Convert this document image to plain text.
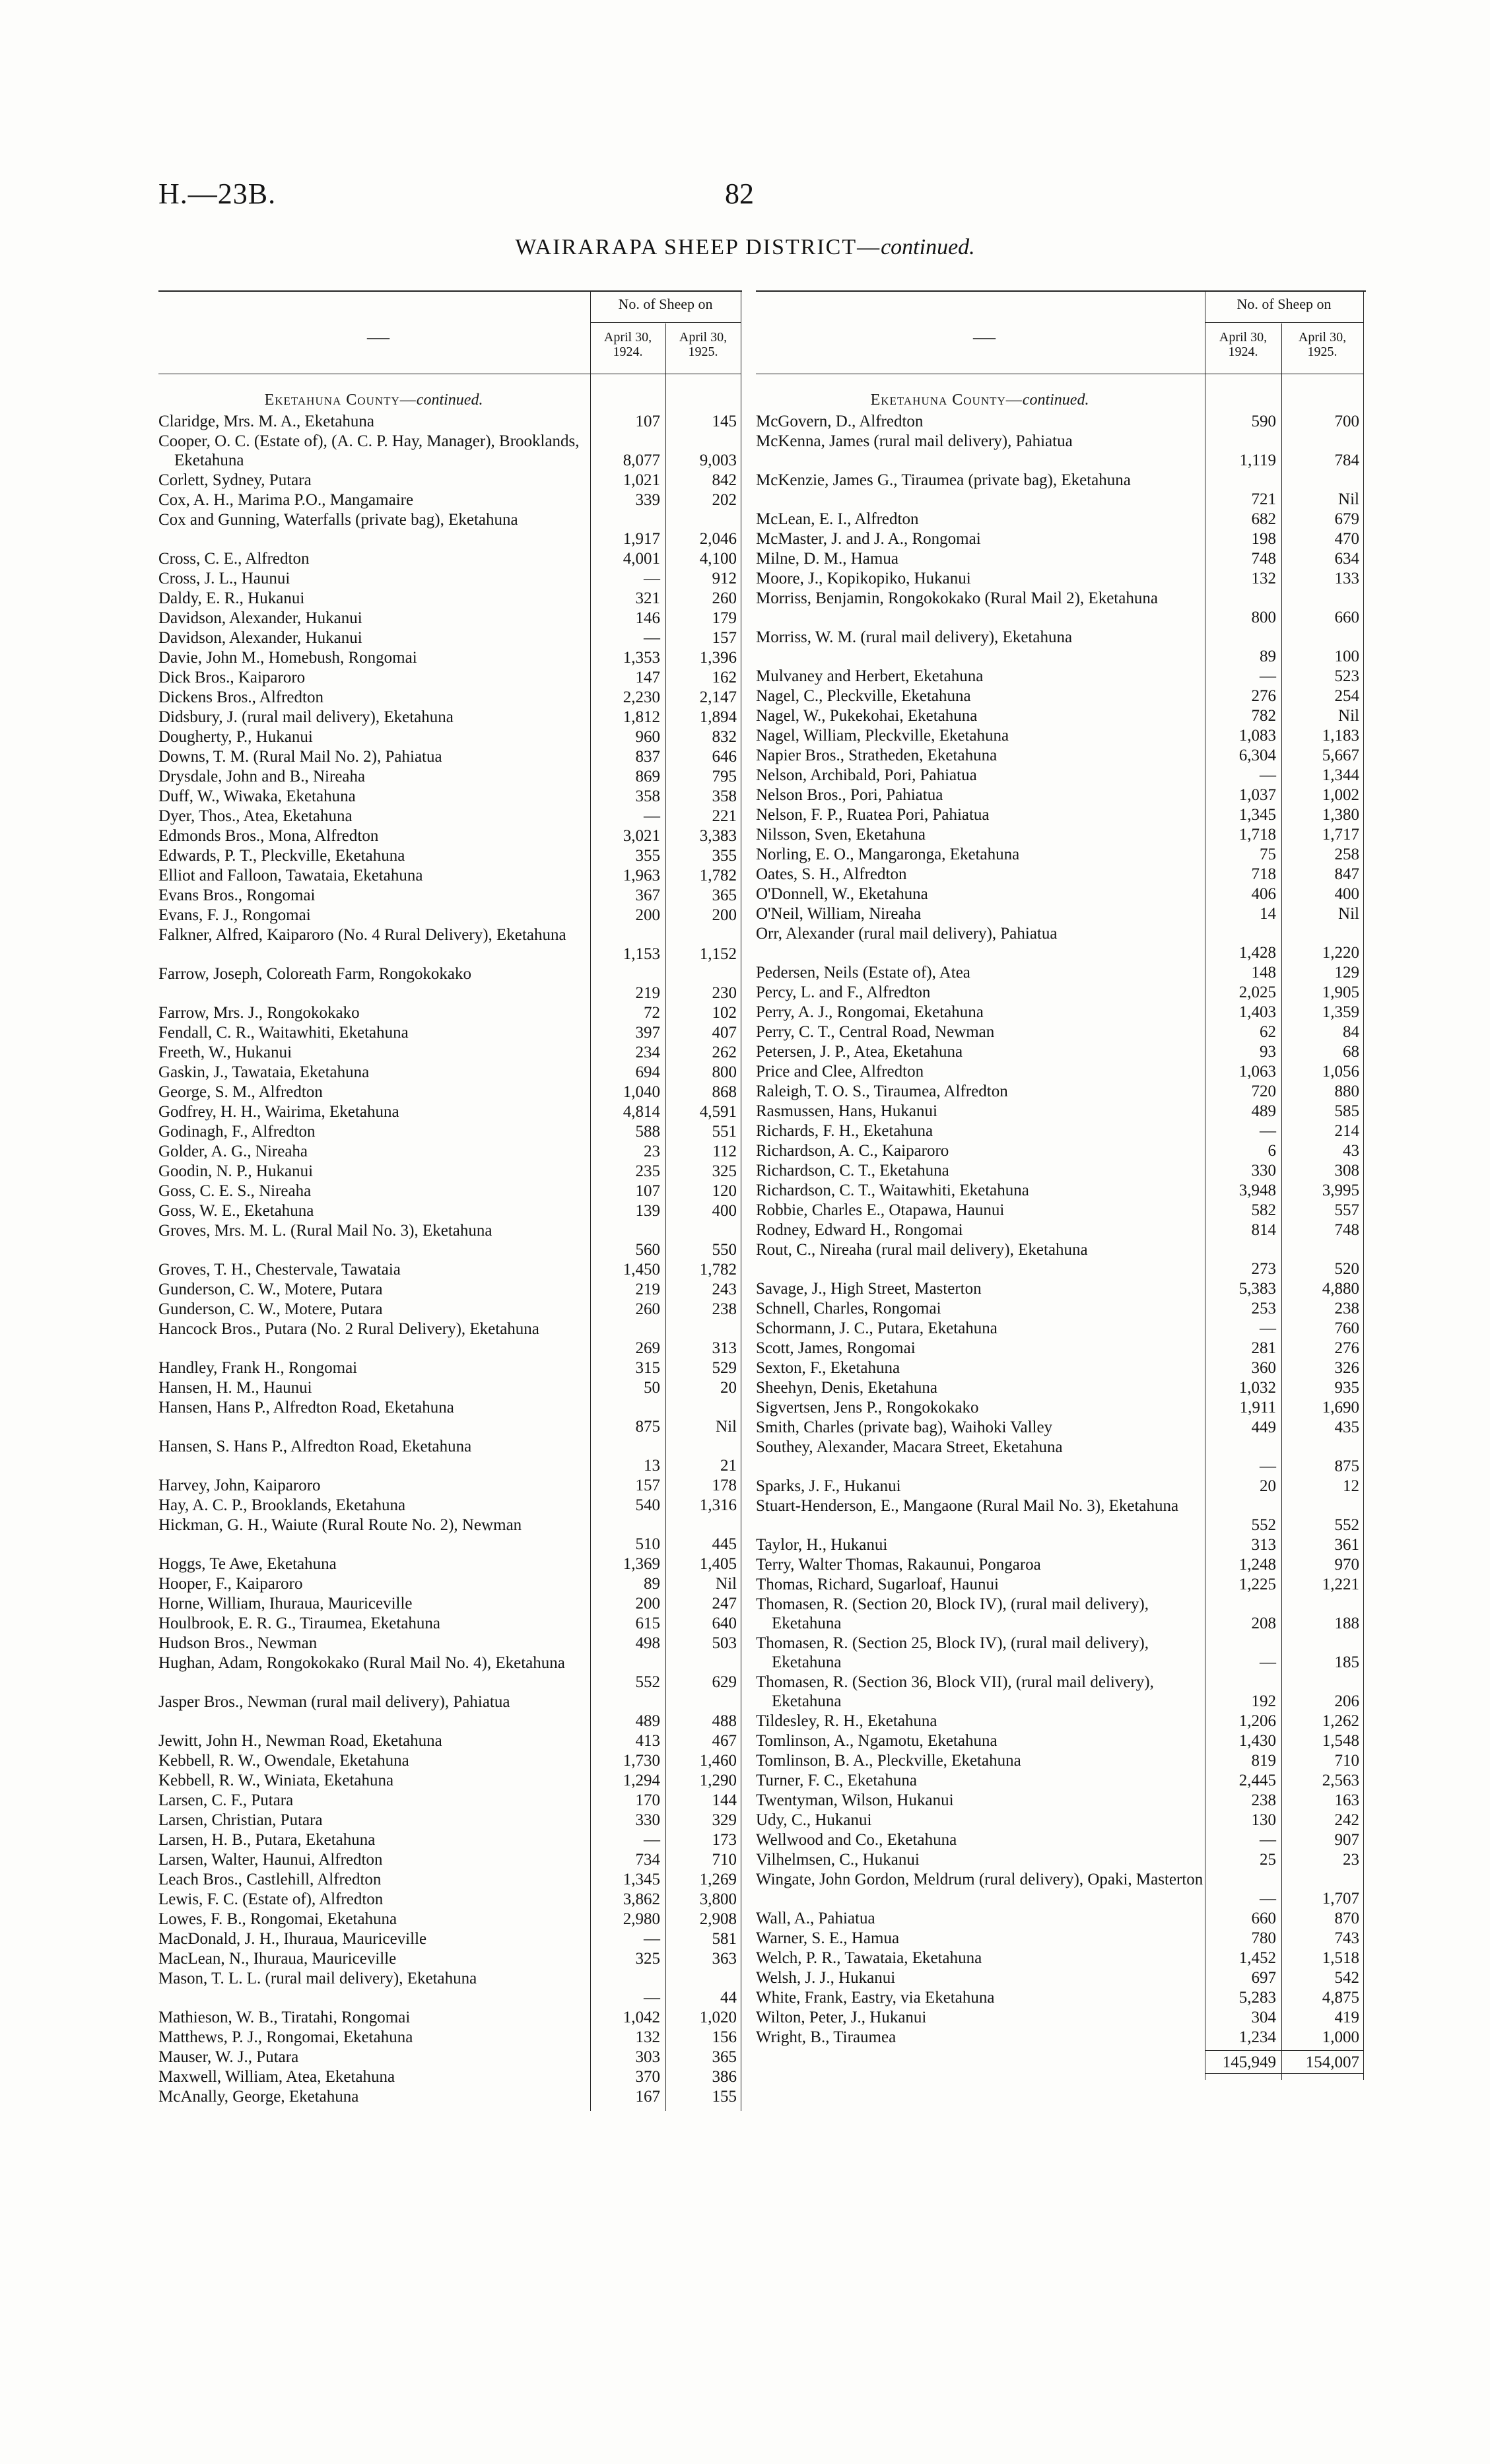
H.—23B.	82
WAIRARAPA SHEEP DISTRICT—continued.
—
No. of Sheep on
April 30,
1924.
April 30,
1925.
Eketahuna County—continued.
Claridge, Mrs. M. A., Eketahuna	107	145
Cooper, O. C. (Estate of), (A. C. P. Hay, Manager), Brooklands, Eketahuna	8,077	9,003
Corlett, Sydney, Putara	1,021	842
Cox, A. H., Marima P.O., Mangamaire	339	202
Cox and Gunning, Waterfalls (private bag), Eketahuna
1,917	2,046
Cross, C. E., Alfredton	4,001	4,100
Cross, J. L., Haunui	—	912
Daldy, E. R., Hukanui	321	260
Davidson, Alexander, Hukanui	146	179
Davidson, Alexander, Hukanui	—	157
Davie, John M., Homebush, Rongomai	1,353	1,396
Dick Bros., Kaiparoro	147	162
Dickens Bros., Alfredton	2,230	2,147
Didsbury, J. (rural mail delivery), Eketahuna	1,812	1,894
Dougherty, P., Hukanui	960	832
Downs, T. M. (Rural Mail No. 2), Pahiatua	837	646
Drysdale, John and B., Nireaha	869	795
Duff, W., Wiwaka, Eketahuna	358	358
Dyer, Thos., Atea, Eketahuna	—	221
Edmonds Bros., Mona, Alfredton	3,021	3,383
Edwards, P. T., Pleckville, Eketahuna	355	355
Elliot and Falloon, Tawataia, Eketahuna	1,963	1,782
Evans Bros., Rongomai	367	365
Evans, F. J., Rongomai	200	200
Falkner, Alfred, Kaiparoro (No. 4 Rural Delivery), Eketahuna
1,153	1,152
Farrow, Joseph, Coloreath Farm, Rongokokako
219	230
Farrow, Mrs. J., Rongokokako	72	102
Fendall, C. R., Waitawhiti, Eketahuna	397	407
Freeth, W., Hukanui	234	262
Gaskin, J., Tawataia, Eketahuna	694	800
George, S. M., Alfredton	1,040	868
Godfrey, H. H., Wairima, Eketahuna	4,814	4,591
Godinagh, F., Alfredton	588	551
Golder, A. G., Nireaha	23	112
Goodin, N. P., Hukanui	235	325
Goss, C. E. S., Nireaha	107	120
Goss, W. E., Eketahuna	139	400
Groves, Mrs. M. L. (Rural Mail No. 3), Eketahuna
560	550
Groves, T. H., Chestervale, Tawataia	1,450	1,782
Gunderson, C. W., Motere, Putara	219	243
Gunderson, C. W., Motere, Putara	260	238
Hancock Bros., Putara (No. 2 Rural Delivery), Eketahuna
269	313
Handley, Frank H., Rongomai	315	529
Hansen, H. M., Haunui	50	20
Hansen, Hans P., Alfredton Road, Eketahuna
875	Nil
Hansen, S. Hans P., Alfredton Road, Eketahuna
13	21
Harvey, John, Kaiparoro	157	178
Hay, A. C. P., Brooklands, Eketahuna	540	1,316
Hickman, G. H., Waiute (Rural Route No. 2), Newman
510	445
Hoggs, Te Awe, Eketahuna	1,369	1,405
Hooper, F., Kaiparoro	89	Nil
Horne, William, Ihuraua, Mauriceville	200	247
Houlbrook, E. R. G., Tiraumea, Eketahuna	615	640
Hudson Bros., Newman	498	503
Hughan, Adam, Rongokokako (Rural Mail No. 4), Eketahuna
552	629
Jasper Bros., Newman (rural mail delivery), Pahiatua
489	488
Jewitt, John H., Newman Road, Eketahuna	413	467
Kebbell, R. W., Owendale, Eketahuna	1,730	1,460
Kebbell, R. W., Winiata, Eketahuna	1,294	1,290
Larsen, C. F., Putara	170	144
Larsen, Christian, Putara	330	329
Larsen, H. B., Putara, Eketahuna	—	173
Larsen, Walter, Haunui, Alfredton	734	710
Leach Bros., Castlehill, Alfredton	1,345	1,269
Lewis, F. C. (Estate of), Alfredton	3,862	3,800
Lowes, F. B., Rongomai, Eketahuna	2,980	2,908
MacDonald, J. H., Ihuraua, Mauriceville	—	581
MacLean, N., Ihuraua, Mauriceville	325	363
Mason, T. L. L. (rural mail delivery), Eketahuna
—	44
Mathieson, W. B., Tiratahi, Rongomai	1,042	1,020
Matthews, P. J., Rongomai, Eketahuna	132	156
Mauser, W. J., Putara	303	365
Maxwell, William, Atea, Eketahuna	370	386
McAnally, George, Eketahuna	167	155
—
No. of Sheep on
April 30,
1924.
April 30,
1925.
Eketahuna County—continued.
McGovern, D., Alfredton	590	700
McKenna, James (rural mail delivery), Pahiatua
1,119	784
McKenzie, James G., Tiraumea (private bag), Eketahuna
721	Nil
McLean, E. I., Alfredton	682	679
McMaster, J. and J. A., Rongomai	198	470
Milne, D. M., Hamua	748	634
Moore, J., Kopikopiko, Hukanui	132	133
Morriss, Benjamin, Rongokokako (Rural Mail 2), Eketahuna
800	660
Morriss, W. M. (rural mail delivery), Eketahuna
89	100
Mulvaney and Herbert, Eketahuna	—	523
Nagel, C., Pleckville, Eketahuna	276	254
Nagel, W., Pukekohai, Eketahuna	782	Nil
Nagel, William, Pleckville, Eketahuna	1,083	1,183
Napier Bros., Stratheden, Eketahuna	6,304	5,667
Nelson, Archibald, Pori, Pahiatua	—	1,344
Nelson Bros., Pori, Pahiatua	1,037	1,002
Nelson, F. P., Ruatea Pori, Pahiatua	1,345	1,380
Nilsson, Sven, Eketahuna	1,718	1,717
Norling, E. O., Mangaronga, Eketahuna	75	258
Oates, S. H., Alfredton	718	847
O'Donnell, W., Eketahuna	406	400
O'Neil, William, Nireaha	14	Nil
Orr, Alexander (rural mail delivery), Pahiatua
1,428	1,220
Pedersen, Neils (Estate of), Atea	148	129
Percy, L. and F., Alfredton	2,025	1,905
Perry, A. J., Rongomai, Eketahuna	1,403	1,359
Perry, C. T., Central Road, Newman	62	84
Petersen, J. P., Atea, Eketahuna	93	68
Price and Clee, Alfredton	1,063	1,056
Raleigh, T. O. S., Tiraumea, Alfredton	720	880
Rasmussen, Hans, Hukanui	489	585
Richards, F. H., Eketahuna	—	214
Richardson, A. C., Kaiparoro	6	43
Richardson, C. T., Eketahuna	330	308
Richardson, C. T., Waitawhiti, Eketahuna	3,948	3,995
Robbie, Charles E., Otapawa, Haunui	582	557
Rodney, Edward H., Rongomai	814	748
Rout, C., Nireaha (rural mail delivery), Eketahuna
273	520
Savage, J., High Street, Masterton	5,383	4,880
Schnell, Charles, Rongomai	253	238
Schormann, J. C., Putara, Eketahuna	—	760
Scott, James, Rongomai	281	276
Sexton, F., Eketahuna	360	326
Sheehyn, Denis, Eketahuna	1,032	935
Sigvertsen, Jens P., Rongokokako	1,911	1,690
Smith, Charles (private bag), Waihoki Valley	449	435
Southey, Alexander, Macara Street, Eketahuna
—	875
Sparks, J. F., Hukanui	20	12
Stuart-Henderson, E., Mangaone (Rural Mail No. 3), Eketahuna
552	552
Taylor, H., Hukanui	313	361
Terry, Walter Thomas, Rakaunui, Pongaroa	1,248	970
Thomas, Richard, Sugarloaf, Haunui	1,225	1,221
Thomasen, R. (Section 20, Block IV), (rural mail delivery), Eketahuna	208	188
Thomasen, R. (Section 25, Block IV), (rural mail delivery), Eketahuna	—	185
Thomasen, R. (Section 36, Block VII), (rural mail delivery), Eketahuna	192	206
Tildesley, R. H., Eketahuna	1,206	1,262
Tomlinson, A., Ngamotu, Eketahuna	1,430	1,548
Tomlinson, B. A., Pleckville, Eketahuna	819	710
Turner, F. C., Eketahuna	2,445	2,563
Twentyman, Wilson, Hukanui	238	163
Udy, C., Hukanui	130	242
Wellwood and Co., Eketahuna	—	907
Vilhelmsen, C., Hukanui	25	23
Wingate, John Gordon, Meldrum (rural delivery), Opaki, Masterton
—	1,707
Wall, A., Pahiatua	660	870
Warner, S. E., Hamua	780	743
Welch, P. R., Tawataia, Eketahuna	1,452	1,518
Welsh, J. J., Hukanui	697	542
White, Frank, Eastry, via Eketahuna	5,283	4,875
Wilton, Peter, J., Hukanui	304	419
Wright, B., Tiraumea	1,234	1,000
145,949	154,007
